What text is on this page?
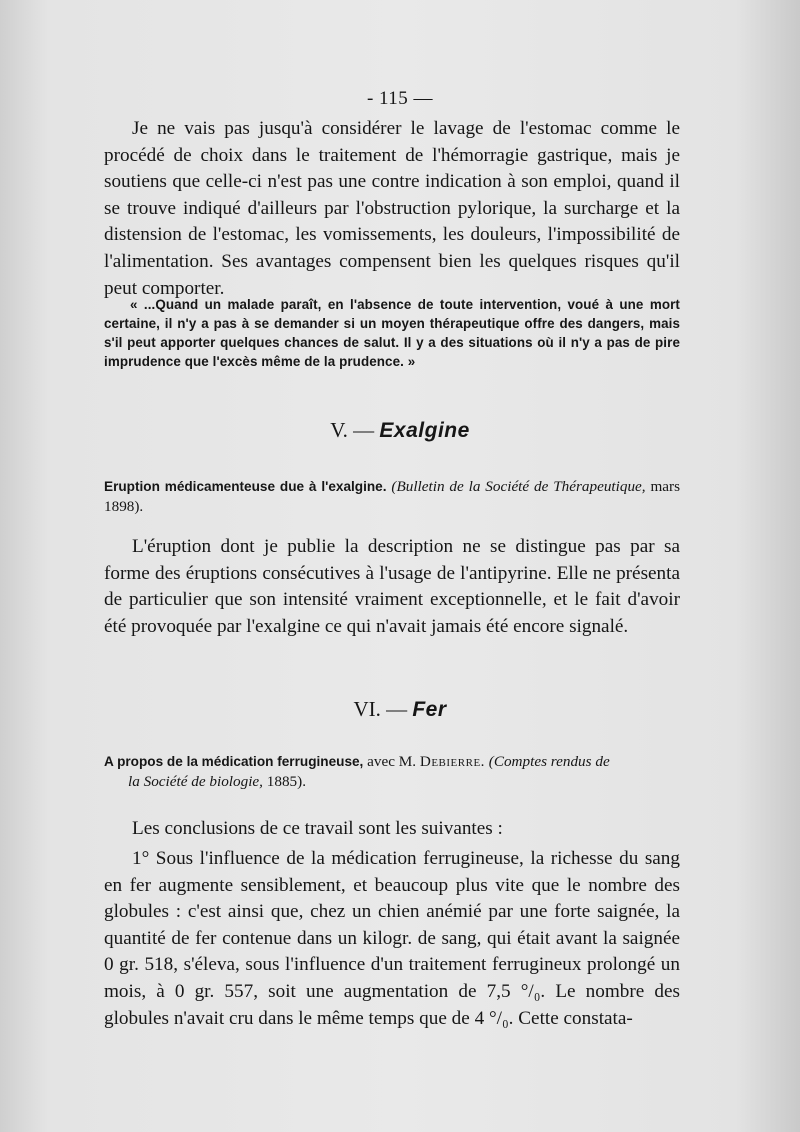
- 115 —

Je ne vais pas jusqu'à considérer le lavage de l'estomac comme le procédé de choix dans le traitement de l'hémorragie gastrique, mais je soutiens que celle-ci n'est pas une contre indication à son emploi, quand il se trouve indiqué d'ailleurs par l'obstruction pylorique, la surcharge et la distension de l'estomac, les vomissements, les douleurs, l'impossibilité de l'alimentation. Ses avantages compensent bien les quelques risques qu'il peut comporter.

« ...Quand un malade paraît, en l'absence de toute intervention, voué à une mort certaine, il n'y a pas à se demander si un moyen thérapeutique offre des dangers, mais s'il peut apporter quelques chances de salut. Il y a des situations où il n'y a pas de pire imprudence que l'excès même de la prudence. »

V. — Exalgine
Eruption médicamenteuse due à l'exalgine. (Bulletin de la Société de Thérapeutique, mars 1898).

L'éruption dont je publie la description ne se distingue pas par sa forme des éruptions consécutives à l'usage de l'antipyrine. Elle ne présenta de particulier que son intensité vraiment exceptionnelle, et le fait d'avoir été provoquée par l'exalgine ce qui n'avait jamais été encore signalé.

VI. — Fer
A propos de la médication ferrugineuse, avec M. Debierre. (Comptes rendus de
la Société de biologie, 1885).

Les conclusions de ce travail sont les suivantes :

1° Sous l'influence de la médication ferrugineuse, la richesse du sang en fer augmente sensiblement, et beaucoup plus vite que le nombre des globules : c'est ainsi que, chez un chien anémié par une forte saignée, la quantité de fer contenue dans un kilogr. de sang, qui était avant la saignée 0 gr. 518, s'éleva, sous l'influence d'un traitement ferrugineux prolongé un mois, à 0 gr. 557, soit une augmentation de 7,5 °/₀. Le nombre des globules n'avait cru dans le même temps que de 4 °/₀. Cette constata-
